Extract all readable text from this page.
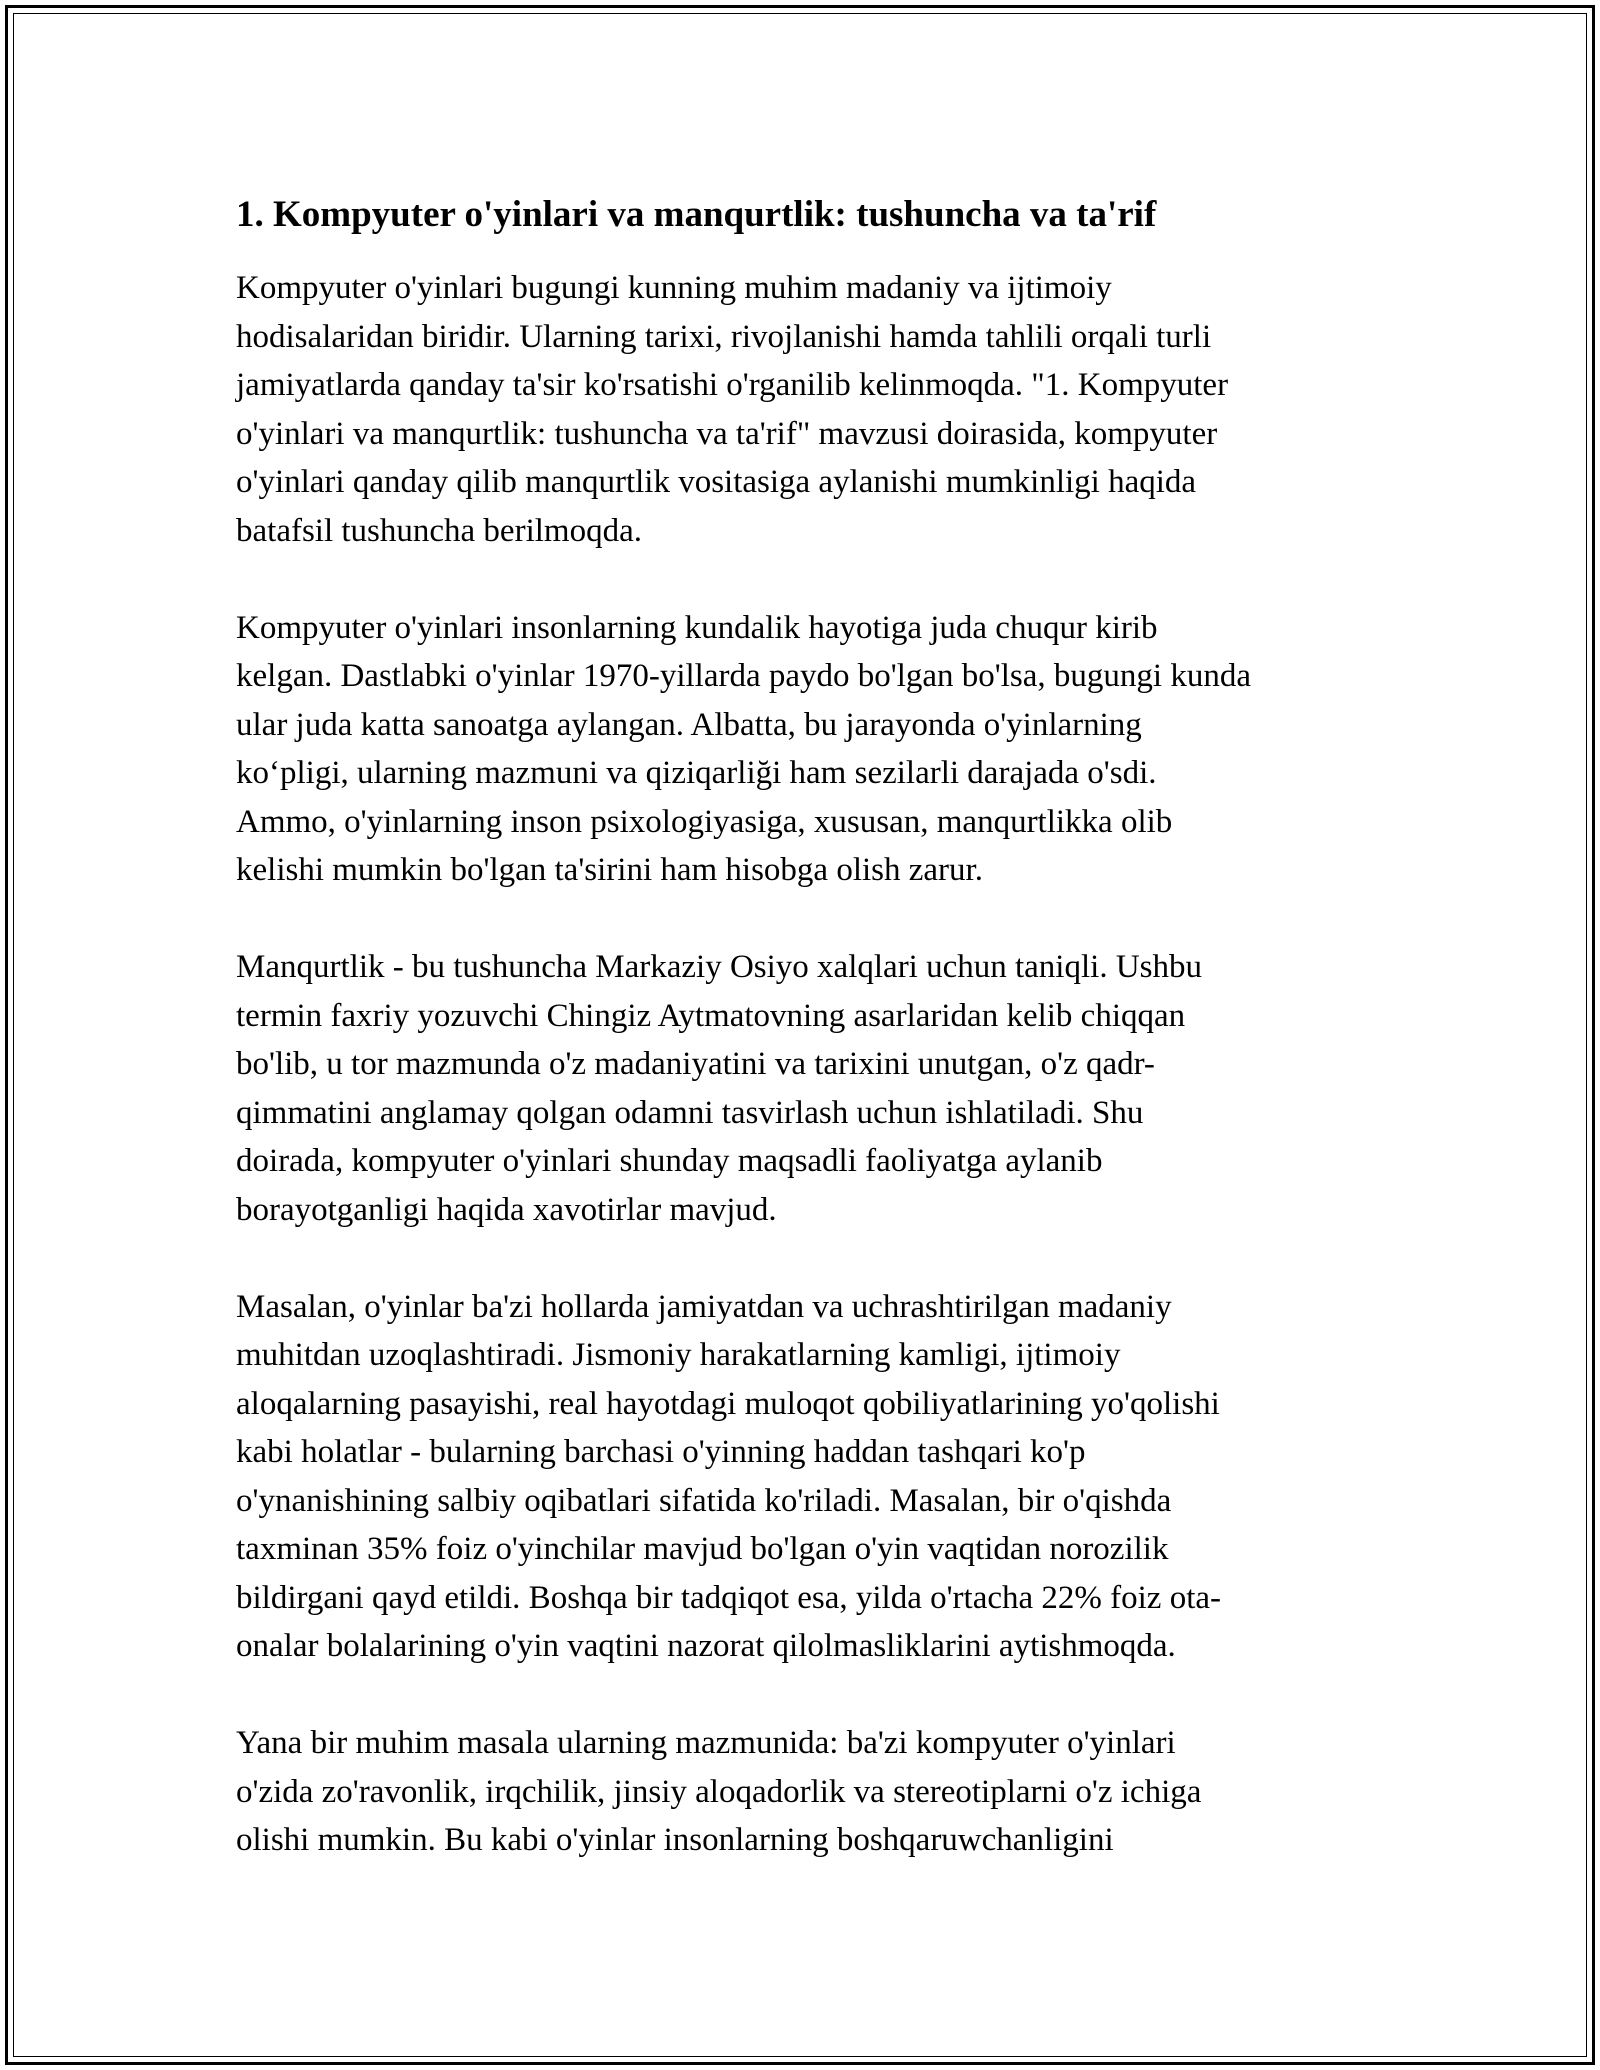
1. Kompyuter o'yinlari va manqurtlik: tushuncha va ta'rif

Kompyuter o'yinlari bugungi kunning muhim madaniy va ijtimoiy
hodisalaridan biridir. Ularning tarixi, rivojlanishi hamda tahlili orqali turli
jamiyatlarda qanday ta'sir ko'rsatishi o'rganilib kelinmoqda. "1. Kompyuter
o'yinlari va manqurtlik: tushuncha va ta'rif" mavzusi doirasida, kompyuter
o'yinlari qanday qilib manqurtlik vositasiga aylanishi mumkinligi haqida
batafsil tushuncha berilmoqda.

Kompyuter o'yinlari insonlarning kundalik hayotiga juda chuqur kirib
kelgan. Dastlabki o'yinlar 1970-yillarda paydo bo'lgan bo'lsa, bugungi kunda
ular juda katta sanoatga aylangan. Albatta, bu jarayonda o'yinlarning
koʻpligi, ularning mazmuni va qiziqarliği ham sezilarli darajada o'sdi.
Ammo, o'yinlarning inson psixologiyasiga, xususan, manqurtlikka olib
kelishi mumkin bo'lgan ta'sirini ham hisobga olish zarur.

Manqurtlik - bu tushuncha Markaziy Osiyo xalqlari uchun taniqli. Ushbu
termin faxriy yozuvchi Chingiz Aytmatovning asarlaridan kelib chiqqan
bo'lib, u tor mazmunda o'z madaniyatini va tarixini unutgan, o'z qadr-
qimmatini anglamay qolgan odamni tasvirlash uchun ishlatiladi. Shu
doirada, kompyuter o'yinlari shunday maqsadli faoliyatga aylanib
borayotganligi haqida xavotirlar mavjud.

Masalan, o'yinlar ba'zi hollarda jamiyatdan va uchrashtirilgan madaniy
muhitdan uzoqlashtiradi. Jismoniy harakatlarning kamligi, ijtimoiy
aloqalarning pasayishi, real hayotdagi muloqot qobiliyatlarining yo'qolishi
kabi holatlar - bularning barchasi o'yinning haddan tashqari ko'p
o'ynanishining salbiy oqibatlari sifatida ko'riladi. Masalan, bir o'qishda
taxminan 35% foiz o'yinchilar mavjud bo'lgan o'yin vaqtidan norozilik
bildirgani qayd etildi. Boshqa bir tadqiqot esa, yilda o'rtacha 22% foiz ota-
onalar bolalarining o'yin vaqtini nazorat qilolmasliklarini aytishmoqda.

Yana bir muhim masala ularning mazmunida: ba'zi kompyuter o'yinlari
o'zida zo'ravonlik, irqchilik, jinsiy aloqadorlik va stereotiplarni o'z ichiga
olishi mumkin. Bu kabi o'yinlar insonlarning boshqaruwchanligini
